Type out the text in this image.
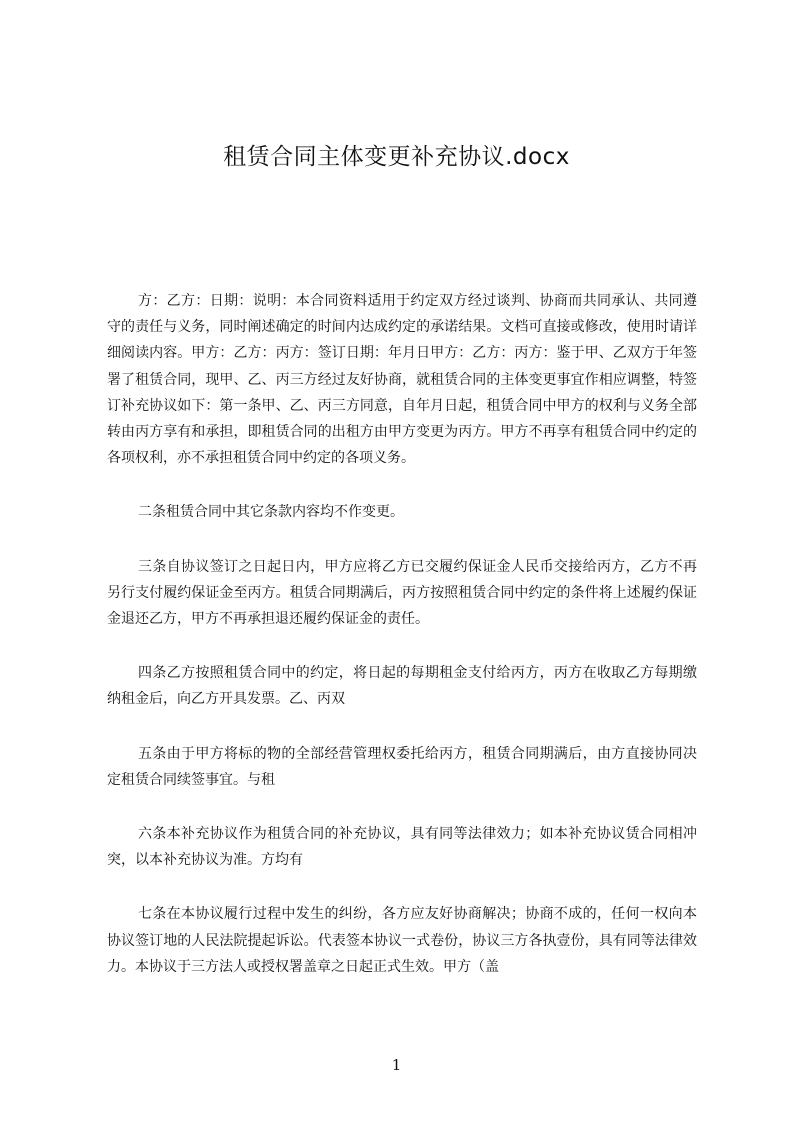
租赁合同主体变更补充协议.docx

方：乙方：日期：说明：本合同资料适用于约定双方经过谈判、协商而共同承认、共同遵守的责任与义务，同时阐述确定的时间内达成约定的承诺结果。文档可直接或修改，使用时请详细阅读内容。甲方：乙方：丙方：签订日期：年月日甲方：乙方：丙方：鉴于甲、乙双方于年签署了租赁合同，现甲、乙、丙三方经过友好协商，就租赁合同的主体变更事宜作相应调整，特签订补充协议如下：第一条甲、乙、丙三方同意，自年月日起，租赁合同中甲方的权利与义务全部转由丙方享有和承担，即租赁合同的出租方由甲方变更为丙方。甲方不再享有租赁合同中约定的各项权利，亦不承担租赁合同中约定的各项义务。

二条租赁合同中其它条款内容均不作变更。

三条自协议签订之日起日内，甲方应将乙方已交履约保证金人民币交接给丙方，乙方不再另行支付履约保证金至丙方。租赁合同期满后，丙方按照租赁合同中约定的条件将上述履约保证金退还乙方，甲方不再承担退还履约保证金的责任。

四条乙方按照租赁合同中的约定，将日起的每期租金支付给丙方，丙方在收取乙方每期缴纳租金后，向乙方开具发票。乙、丙双

五条由于甲方将标的物的全部经营管理权委托给丙方，租赁合同期满后，由方直接协同决定租赁合同续签事宜。与租

六条本补充协议作为租赁合同的补充协议，具有同等法律效力；如本补充协议赁合同相冲突，以本补充协议为准。方均有

七条在本协议履行过程中发生的纠纷，各方应友好协商解决；协商不成的，任何一权向本协议签订地的人民法院提起诉讼。代表签本协议一式卷份，协议三方各执壹份，具有同等法律效力。本协议于三方法人或授权署盖章之日起正式生效。甲方（盖

1
